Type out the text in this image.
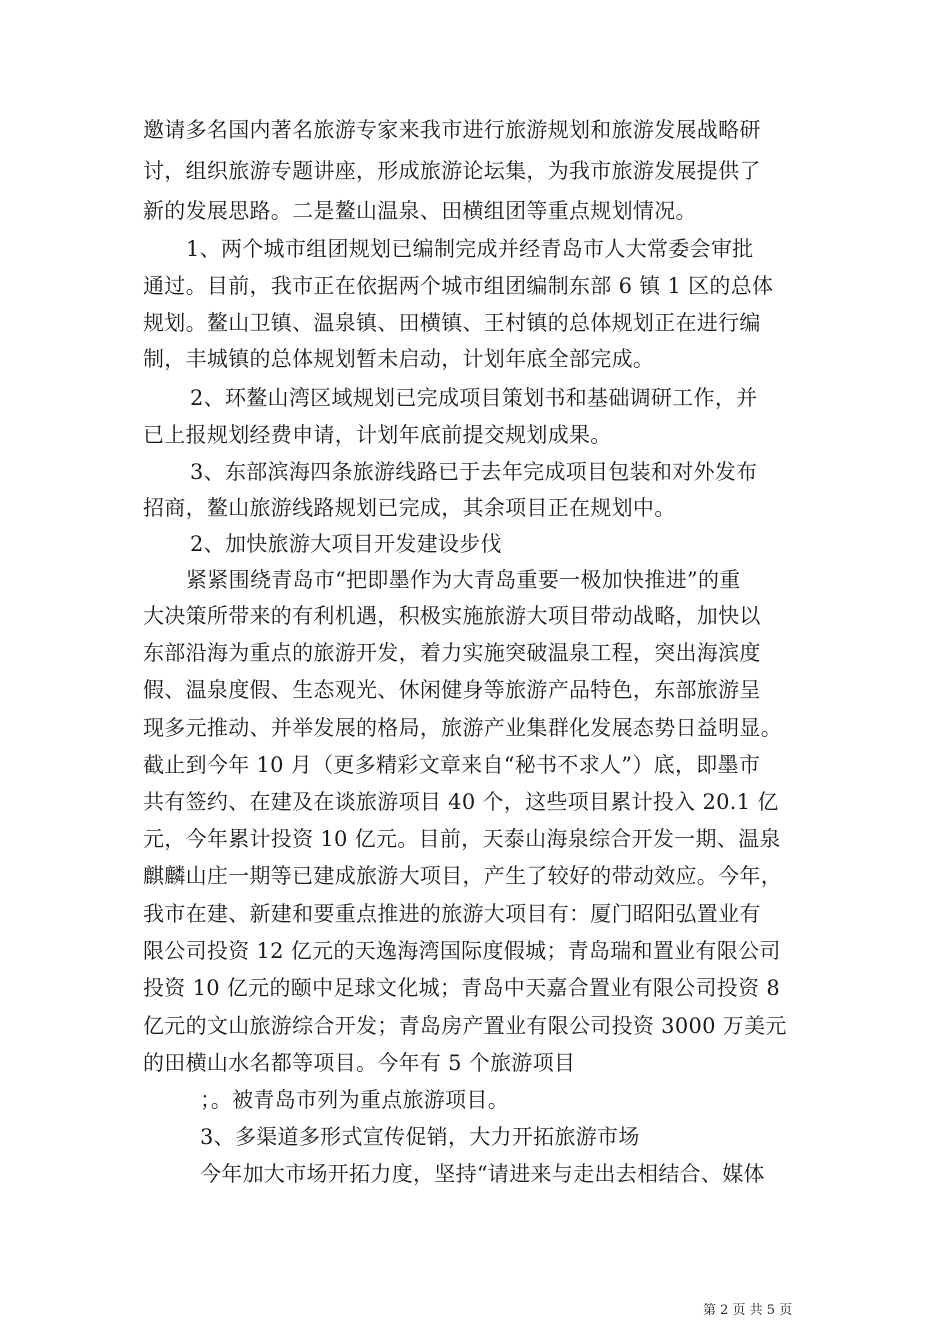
邀请多名国内著名旅游专家来我市进行旅游规划和旅游发展战略研
讨，组织旅游专题讲座，形成旅游论坛集，为我市旅游发展提供了
新的发展思路。二是鳌山温泉、田横组团等重点规划情况。
1、两个城市组团规划已编制完成并经青岛市人大常委会审批
通过。目前，我市正在依据两个城市组团编制东部 6 镇 1 区的总体
规划。鳌山卫镇、温泉镇、田横镇、王村镇的总体规划正在进行编
制，丰城镇的总体规划暂未启动，计划年底全部完成。
2、环鳌山湾区域规划已完成项目策划书和基础调研工作，并
已上报规划经费申请，计划年底前提交规划成果。
3、东部滨海四条旅游线路已于去年完成项目包装和对外发布
招商，鳌山旅游线路规划已完成，其余项目正在规划中。
2、加快旅游大项目开发建设步伐
紧紧围绕青岛市“把即墨作为大青岛重要一极加快推进”的重
大决策所带来的有利机遇，积极实施旅游大项目带动战略，加快以
东部沿海为重点的旅游开发，着力实施突破温泉工程，突出海滨度
假、温泉度假、生态观光、休闲健身等旅游产品特色，东部旅游呈
现多元推动、并举发展的格局，旅游产业集群化发展态势日益明显。
截止到今年 10 月（更多精彩文章来自“秘书不求人”）底，即墨市
共有签约、在建及在谈旅游项目 40 个，这些项目累计投入 20.1 亿
元，今年累计投资 10 亿元。目前，天泰山海泉综合开发一期、温泉
麒麟山庄一期等已建成旅游大项目，产生了较好的带动效应。今年，
我市在建、新建和要重点推进的旅游大项目有：厦门昭阳弘置业有
限公司投资 12 亿元的天逸海湾国际度假城；青岛瑞和置业有限公司
投资 10 亿元的颐中足球文化城；青岛中天嘉合置业有限公司投资 8
亿元的文山旅游综合开发；青岛房产置业有限公司投资 3000 万美元
的田横山水名都等项目。今年有 5 个旅游项目
；。被青岛市列为重点旅游项目。
3、多渠道多形式宣传促销，大力开拓旅游市场
今年加大市场开拓力度，坚持“请进来与走出去相结合、媒体
第 2 页 共 5 页
